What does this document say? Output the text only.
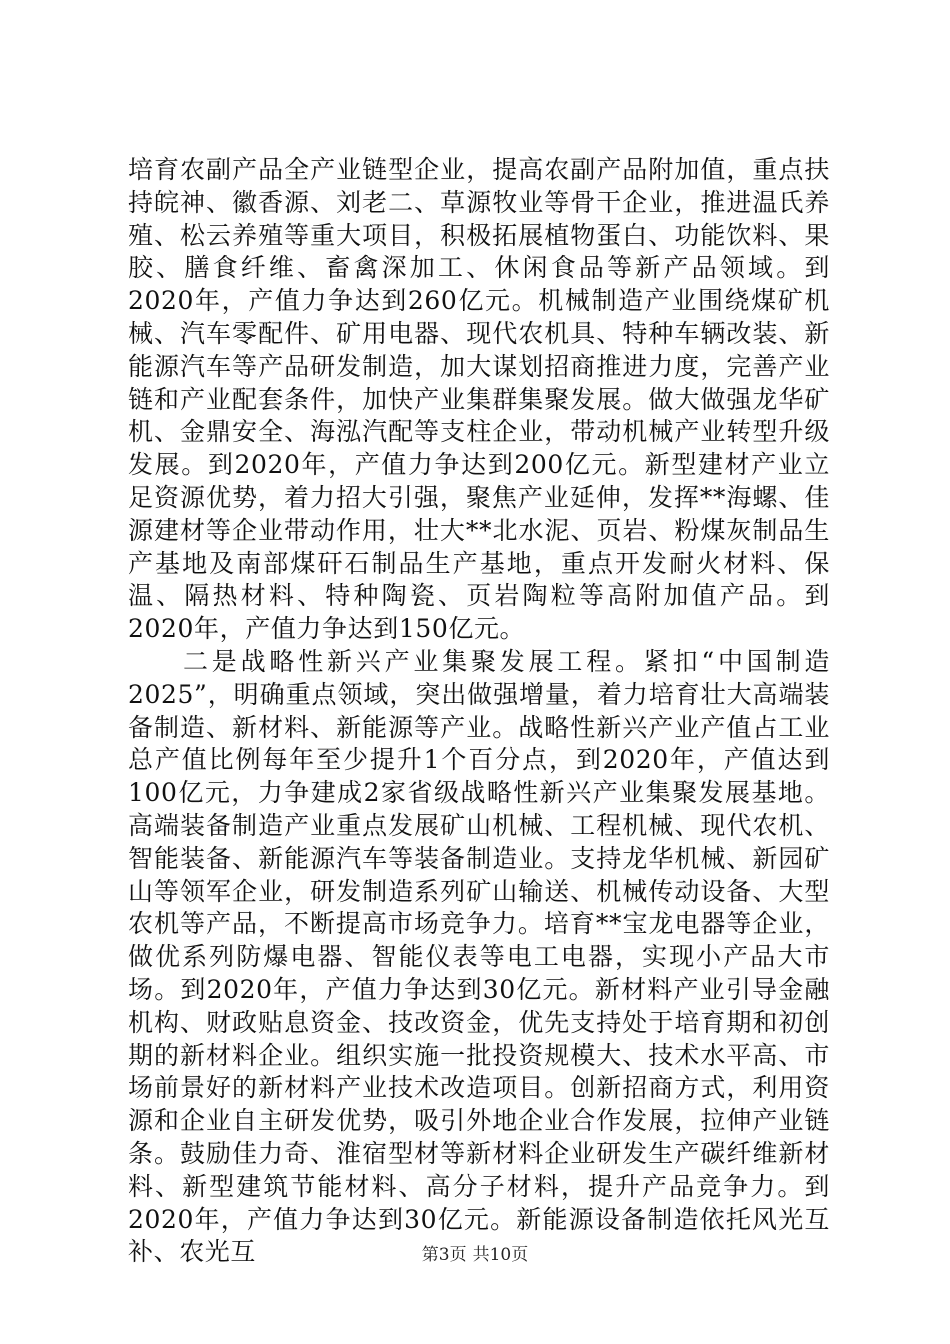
培育农副产品全产业链型企业，提高农副产品附加值，重点扶持皖神、徽香源、刘老二、草源牧业等骨干企业，推进温氏养殖、松云养殖等重大项目，积极拓展植物蛋白、功能饮料、果胶、膳食纤维、畜禽深加工、休闲食品等新产品领域。到2020年，产值力争达到260亿元。机械制造产业围绕煤矿机械、汽车零配件、矿用电器、现代农机具、特种车辆改装、新能源汽车等产品研发制造，加大谋划招商推进力度，完善产业链和产业配套条件，加快产业集群集聚发展。做大做强龙华矿机、金鼎安全、海泓汽配等支柱企业，带动机械产业转型升级发展。到2020年，产值力争达到200亿元。新型建材产业立足资源优势，着力招大引强，聚焦产业延伸，发挥**海螺、佳源建材等企业带动作用，壮大**北水泥、页岩、粉煤灰制品生产基地及南部煤矸石制品生产基地，重点开发耐火材料、保温、隔热材料、特种陶瓷、页岩陶粒等高附加值产品。到2020年，产值力争达到150亿元。

二是战略性新兴产业集聚发展工程。紧扣“中国制造2025”，明确重点领域，突出做强增量，着力培育壮大高端装备制造、新材料、新能源等产业。战略性新兴产业产值占工业总产值比例每年至少提升1个百分点，到2020年，产值达到100亿元，力争建成2家省级战略性新兴产业集聚发展基地。高端装备制造产业重点发展矿山机械、工程机械、现代农机、智能装备、新能源汽车等装备制造业。支持龙华机械、新园矿山等领军企业，研发制造系列矿山输送、机械传动设备、大型农机等产品，不断提高市场竞争力。培育**宝龙电器等企业，做优系列防爆电器、智能仪表等电工电器，实现小产品大市场。到2020年，产值力争达到30亿元。新材料产业引导金融机构、财政贴息资金、技改资金，优先支持处于培育期和初创期的新材料企业。组织实施一批投资规模大、技术水平高、市场前景好的新材料产业技术改造项目。创新招商方式，利用资源和企业自主研发优势，吸引外地企业合作发展，拉伸产业链条。鼓励佳力奇、淮宿型材等新材料企业研发生产碳纤维新材料、新型建筑节能材料、高分子材料，提升产品竞争力。到2020年，产值力争达到30亿元。新能源设备制造依托风光互补、农光互	第3页 共10页
